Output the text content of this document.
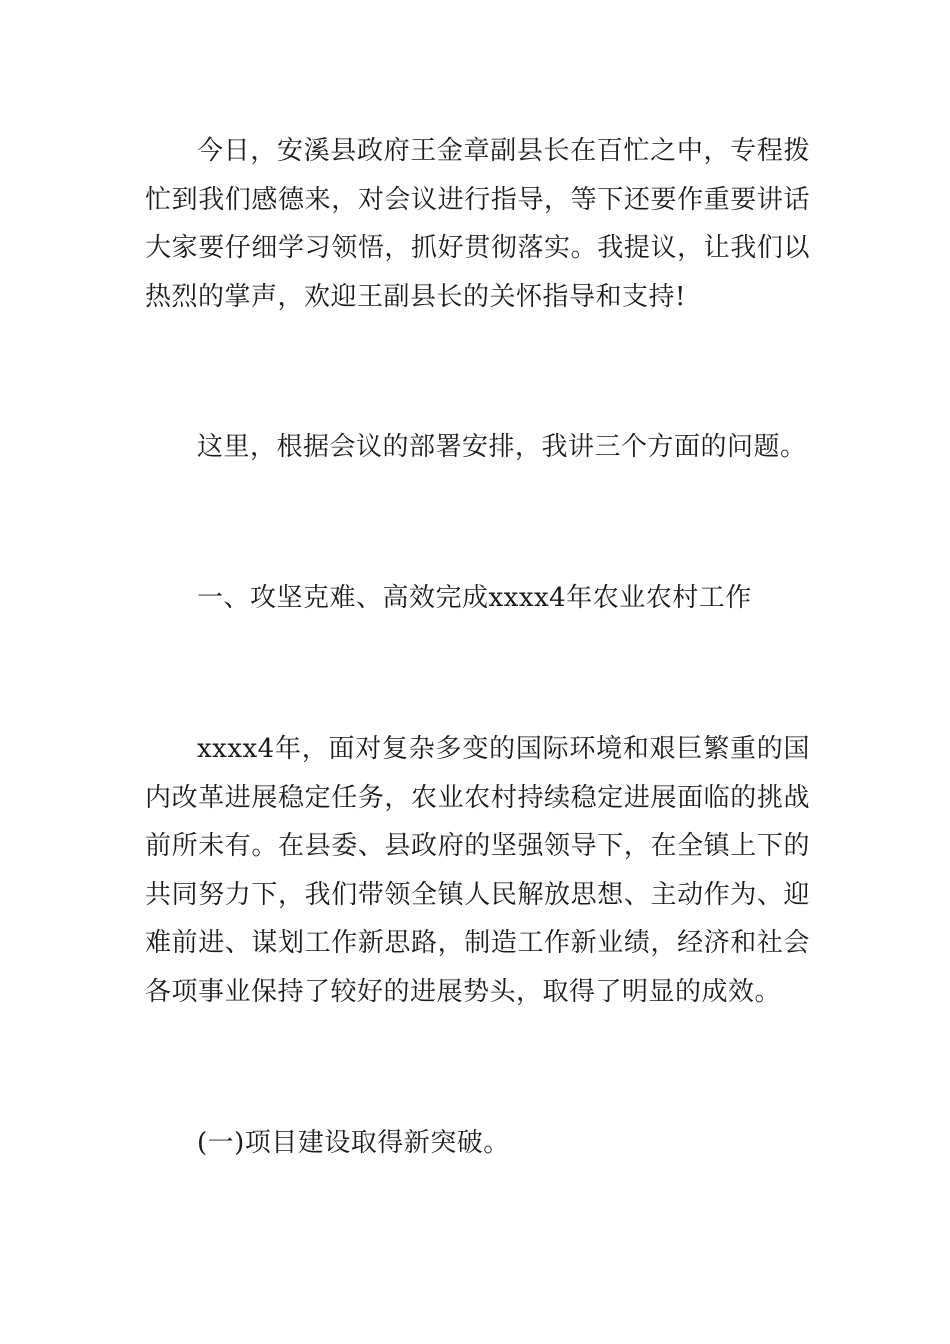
今日，安溪县政府王金章副县长在百忙之中，专程拨忙到我们感德来，对会议进行指导，等下还要作重要讲话大家要仔细学习领悟，抓好贯彻落实。我提议，让我们以热烈的掌声，欢迎王副县长的关怀指导和支持!

这里，根据会议的部署安排，我讲三个方面的问题。

一、攻坚克难、高效完成xxxx4年农业农村工作

xxxx4年，面对复杂多变的国际环境和艰巨繁重的国内改革进展稳定任务，农业农村持续稳定进展面临的挑战前所未有。在县委、县政府的坚强领导下，在全镇上下的共同努力下，我们带领全镇人民解放思想、主动作为、迎难前进、谋划工作新思路，制造工作新业绩，经济和社会各项事业保持了较好的进展势头，取得了明显的成效。

(一)项目建设取得新突破。
